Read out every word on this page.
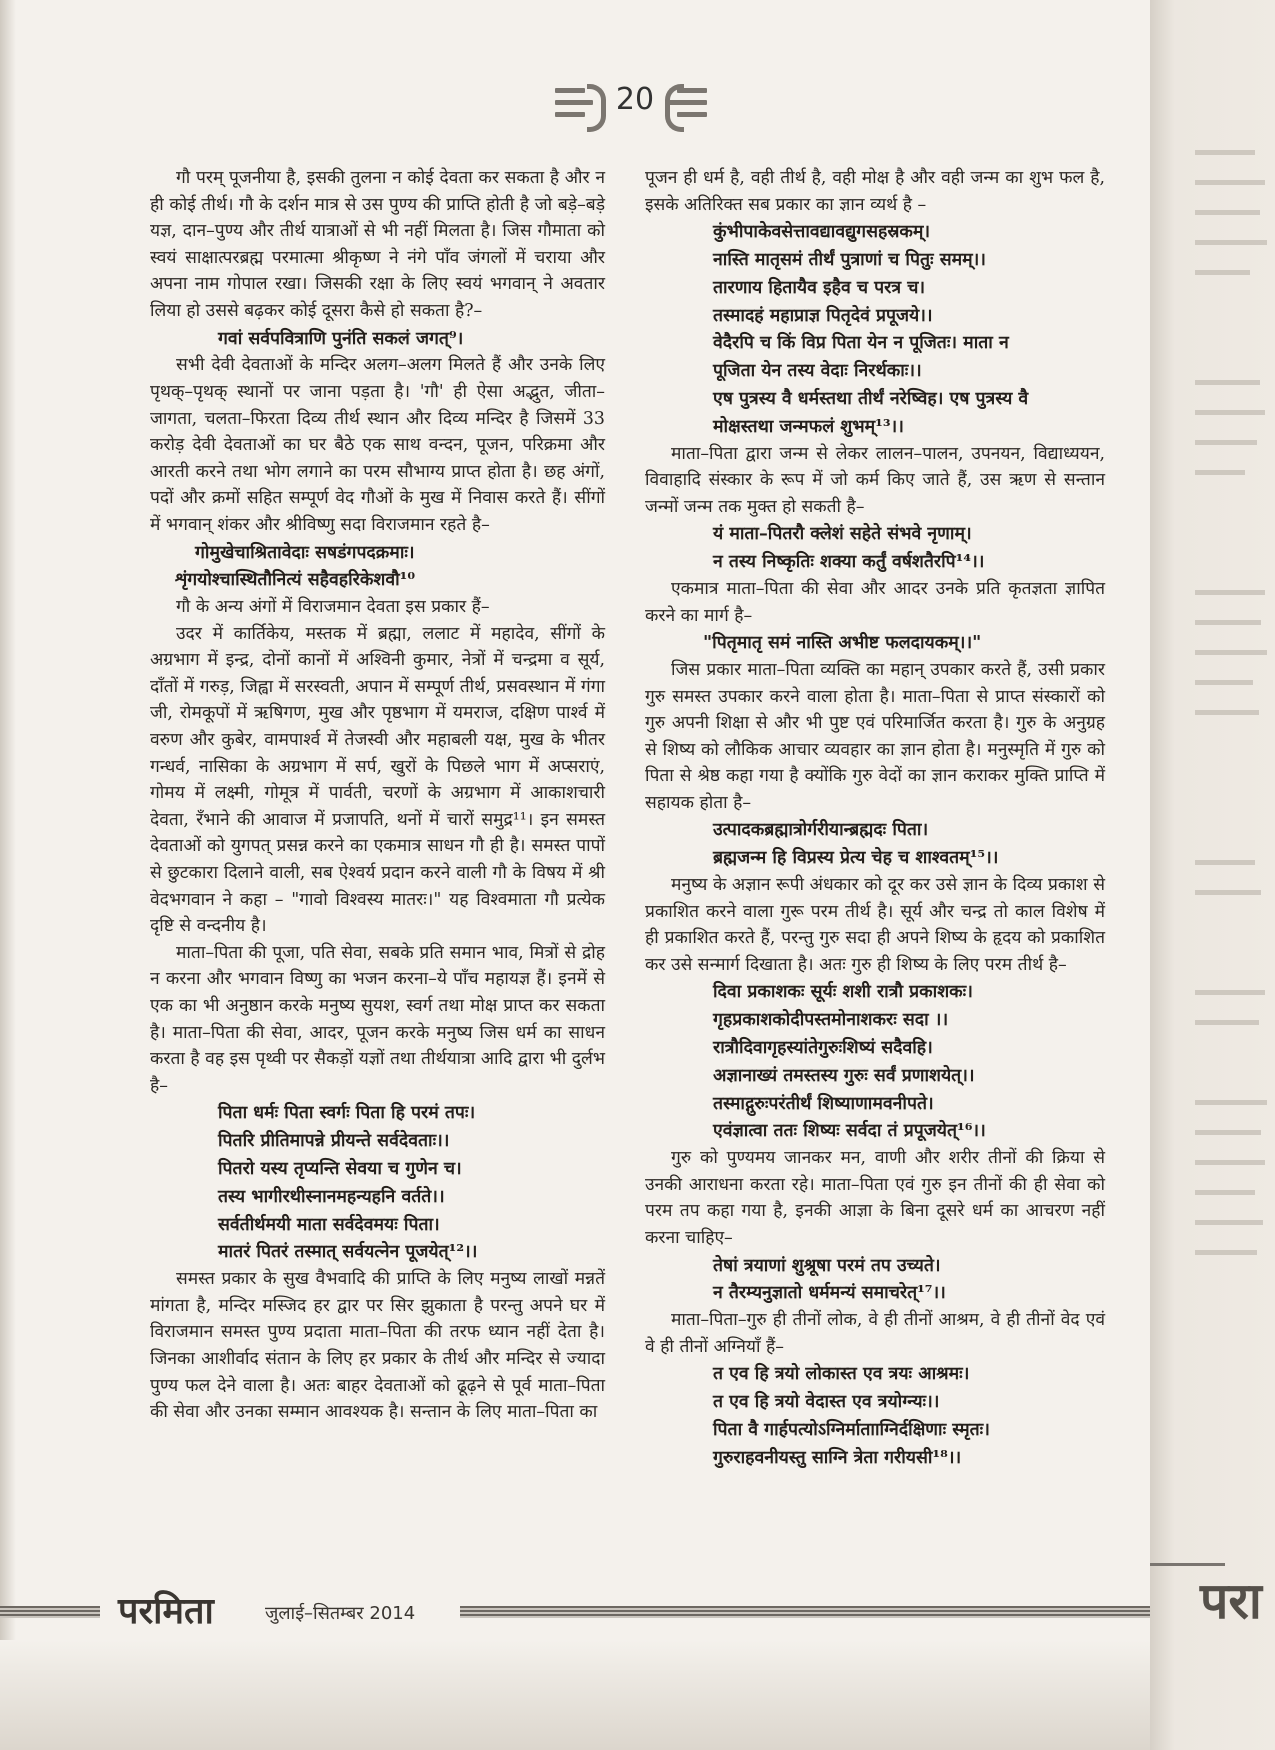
20

गौ परम् पूजनीया है, इसकी तुलना न कोई देवता कर सकता है और न ही कोई तीर्थ। गौ के दर्शन मात्र से उस पुण्य की प्राप्ति होती है जो बड़े–बड़े यज्ञ, दान–पुण्य और तीर्थ यात्राओं से भी नहीं मिलता है। जिस गौमाता को स्वयं साक्षात्परब्रह्म परमात्मा श्रीकृष्ण ने नंगे पाँव जंगलों में चराया और अपना नाम गोपाल रखा। जिसकी रक्षा के लिए स्वयं भगवान् ने अवतार लिया हो उससे बढ़कर कोई दूसरा कैसे हो सकता है?–

गवां सर्वपवित्राणि पुनंति सकलं जगत्⁹।

सभी देवी देवताओं के मन्दिर अलग–अलग मिलते हैं और उनके लिए पृथक्–पृथक् स्थानों पर जाना पड़ता है। 'गौ' ही ऐसा अद्भुत, जीता–जागता, चलता–फिरता दिव्य तीर्थ स्थान और दिव्य मन्दिर है जिसमें 33 करोड़ देवी देवताओं का घर बैठे एक साथ वन्दन, पूजन, परिक्रमा और आरती करने तथा भोग लगाने का परम सौभाग्य प्राप्त होता है। छह अंगों, पदों और क्रमों सहित सम्पूर्ण वेद गौओं के मुख में निवास करते हैं। सींगों में भगवान् शंकर और श्रीविष्णु सदा विराजमान रहते है–

गोमुखेचाश्रितावेदाः सषडंगपदक्रमाः।

शृंगयोश्चास्थितौनित्यं सहैवहरिकेशवौ¹⁰

गौ के अन्य अंगों में विराजमान देवता इस प्रकार हैं–

उदर में कार्तिकेय, मस्तक में ब्रह्मा, ललाट में महादेव, सींगों के अग्रभाग में इन्द्र, दोनों कानों में अश्विनी कुमार, नेत्रों में चन्द्रमा व सूर्य, दाँतों में गरुड़, जिह्वा में सरस्वती, अपान में सम्पूर्ण तीर्थ, प्रसवस्थान में गंगा जी, रोमकूपों में ऋषिगण, मुख और पृष्ठभाग में यमराज, दक्षिण पार्श्व में वरुण और कुबेर, वामपार्श्व में तेजस्वी और महाबली यक्ष, मुख के भीतर गन्धर्व, नासिका के अग्रभाग में सर्प, खुरों के पिछले भाग में अप्सराएं, गोमय में लक्ष्मी, गोमूत्र में पार्वती, चरणों के अग्रभाग में आकाशचारी देवता, रँभाने की आवाज में प्रजापति, थनों में चारों समुद्र¹¹। इन समस्त देवताओं को युगपत् प्रसन्न करने का एकमात्र साधन गौ ही है। समस्त पापों से छुटकारा दिलाने वाली, सब ऐश्वर्य प्रदान करने वाली गौ के विषय में श्री वेदभगवान ने कहा – "गावो विश्वस्य मातरः।" यह विश्वमाता गौ प्रत्येक दृष्टि से वन्दनीय है।

माता–पिता की पूजा, पति सेवा, सबके प्रति समान भाव, मित्रों से द्रोह न करना और भगवान विष्णु का भजन करना–ये पाँच महायज्ञ हैं। इनमें से एक का भी अनुष्ठान करके मनुष्य सुयश, स्वर्ग तथा मोक्ष प्राप्त कर सकता है। माता–पिता की सेवा, आदर, पूजन करके मनुष्य जिस धर्म का साधन करता है वह इस पृथ्वी पर सैकड़ों यज्ञों तथा तीर्थयात्रा आदि द्वारा भी दुर्लभ है–

पिता धर्मः पिता स्वर्गः पिता हि परमं तपः।

पितरि प्रीतिमापन्ने प्रीयन्ते सर्वदेवताः।।

पितरो यस्य तृप्यन्ति सेवया च गुणेन च।

तस्य भागीरथीस्नानमहन्यहनि वर्तते।।

सर्वतीर्थमयी माता सर्वदेवमयः पिता।

मातरं पितरं तस्मात् सर्वयत्नेन पूजयेत्¹²।।

समस्त प्रकार के सुख वैभवादि की प्राप्ति के लिए मनुष्य लाखों मन्नतें मांगता है, मन्दिर मस्जिद हर द्वार पर सिर झुकाता है परन्तु अपने घर में विराजमान समस्त पुण्य प्रदाता माता–पिता की तरफ ध्यान नहीं देता है। जिनका आशीर्वाद संतान के लिए हर प्रकार के तीर्थ और मन्दिर से ज्यादा पुण्य फल देने वाला है। अतः बाहर देवताओं को ढूढ़ने से पूर्व माता–पिता की सेवा और उनका सम्मान आवश्यक है। सन्तान के लिए माता–पिता का

पूजन ही धर्म है, वही तीर्थ है, वही मोक्ष है और वही जन्म का शुभ फल है, इसके अतिरिक्त सब प्रकार का ज्ञान व्यर्थ है –

कुंभीपाकेवसेत्तावद्यावद्युगसहस्रकम्।

नास्ति मातृसमं तीर्थं पुत्राणां च पितुः समम्।।

तारणाय हितायैव इहैव च परत्र च।

तस्मादहं महाप्राज्ञ पितृदेवं प्रपूजये।।

वेदैरपि च किं विप्र पिता येन न पूजितः। माता न

पूजिता येन तस्य वेदाः निरर्थकाः।।

एष पुत्रस्य वै धर्मस्तथा तीर्थं नरेष्विह। एष पुत्रस्य वै

मोक्षस्तथा जन्मफलं शुभम्¹³।।

माता–पिता द्वारा जन्म से लेकर लालन–पालन, उपनयन, विद्याध्ययन, विवाहादि संस्कार के रूप में जो कर्म किए जाते हैं, उस ऋण से सन्तान जन्मों जन्म तक मुक्त हो सकती है–

यं माता–पितरौ क्लेशं सहेते संभवे नृणाम्।

न तस्य निष्कृतिः शक्या कर्तुं वर्षशतैरपि¹⁴।।

एकमात्र माता–पिता की सेवा और आदर उनके प्रति कृतज्ञता ज्ञापित करने का मार्ग है–

"पितृमातृ समं नास्ति अभीष्ट फलदायकम्।।"

जिस प्रकार माता–पिता व्यक्ति का महान् उपकार करते हैं, उसी प्रकार गुरु समस्त उपकार करने वाला होता है। माता–पिता से प्राप्त संस्कारों को गुरु अपनी शिक्षा से और भी पुष्ट एवं परिमार्जित करता है। गुरु के अनुग्रह से शिष्य को लौकिक आचार व्यवहार का ज्ञान होता है। मनुस्मृति में गुरु को पिता से श्रेष्ठ कहा गया है क्योंकि गुरु वेदों का ज्ञान कराकर मुक्ति प्राप्ति में सहायक होता है–

उत्पादकब्रह्मात्रोर्गरीयान्ब्रह्मदः पिता।

ब्रह्मजन्म हि विप्रस्य प्रेत्य चेह च शाश्वतम्¹⁵।।

मनुष्य के अज्ञान रूपी अंधकार को दूर कर उसे ज्ञान के दिव्य प्रकाश से प्रकाशित करने वाला गुरू परम तीर्थ है। सूर्य और चन्द्र तो काल विशेष में ही प्रकाशित करते हैं, परन्तु गुरु सदा ही अपने शिष्य के हृदय को प्रकाशित कर उसे सन्मार्ग दिखाता है। अतः गुरु ही शिष्य के लिए परम तीर्थ है–

दिवा प्रकाशकः सूर्यः शशी रात्रौ प्रकाशकः।

गृहप्रकाशकोदीपस्तमोनाशकरः सदा ।।

रात्रौदिवागृहस्यांतेगुरुःशिष्यं सदैवहि।

अज्ञानाख्यं तमस्तस्य गुरुः सर्वं प्रणाशयेत्।।

तस्माद्गुरुःपरंतीर्थं शिष्याणामवनीपते।

एवंज्ञात्वा ततः शिष्यः सर्वदा तं प्रपूजयेत्¹⁶।।

गुरु को पुण्यमय जानकर मन, वाणी और शरीर तीनों की क्रिया से उनकी आराधना करता रहे। माता–पिता एवं गुरु इन तीनों की ही सेवा को परम तप कहा गया है, इनकी आज्ञा के बिना दूसरे धर्म का आचरण नहीं करना चाहिए–

तेषां त्रयाणां शुश्रूषा परमं तप उच्यते।

न तैरम्यनुज्ञातो धर्ममन्यं समाचरेत्¹⁷।।

माता–पिता–गुरु ही तीनों लोक, वे ही तीनों आश्रम, वे ही तीनों वेद एवं वे ही तीनों अग्नियाँ हैं–

त एव हि त्रयो लोकास्त एव त्रयः आश्रमः।

त एव हि त्रयो वेदास्त एव त्रयोग्न्यः।।

पिता वै गार्हपत्योऽग्निर्मातााग्निर्दक्षिणाः स्मृतः।

गुरुराहवनीयस्तु साग्नि त्रेता गरीयसी¹⁸।।

परमिता	जुलाई–सितम्बर 2014	परा
